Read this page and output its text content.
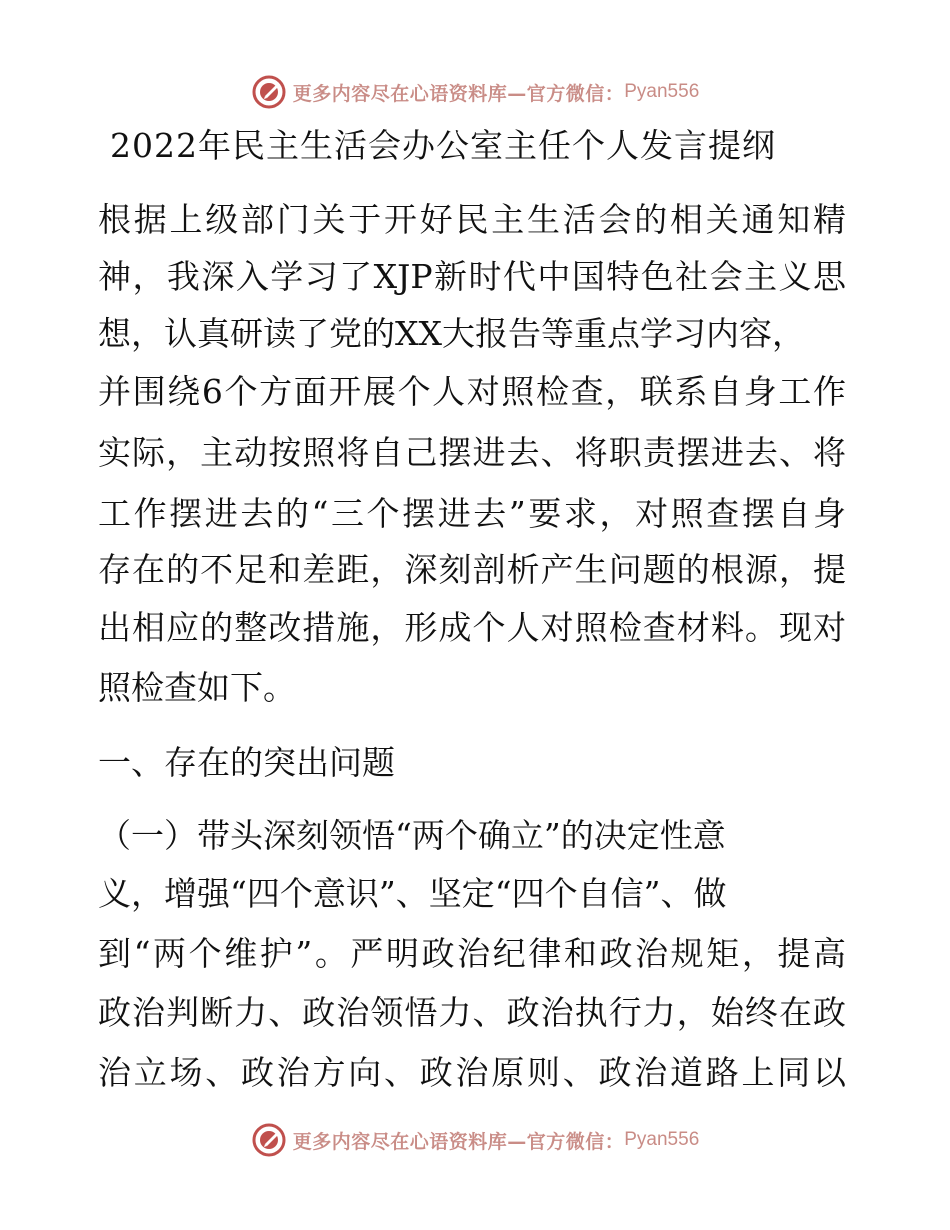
更多内容尽在心语资料库—官方微信： Pyan556
2022年民主生活会办公室主任个人发言提纲
根据上级部门关于开好民主生活会的相关通知精
神，我深入学习了XJP新时代中国特色社会主义思
想，认真研读了党的XX大报告等重点学习内容，
并围绕6个方面开展个人对照检查，联系自身工作
实际，主动按照将自己摆进去、将职责摆进去、将
工作摆进去的“三个摆进去”要求，对照查摆自身
存在的不足和差距，深刻剖析产生问题的根源，提
出相应的整改措施，形成个人对照检查材料。现对
照检查如下。
一、存在的突出问题
（一）带头深刻领悟“两个确立”的决定性意
义，增强“四个意识”、坚定“四个自信”、做
到“两个维护”。严明政治纪律和政治规矩，提高
政治判断力、政治领悟力、政治执行力，始终在政
治立场、政治方向、政治原则、政治道路上同以
更多内容尽在心语资料库—官方微信： Pyan556
